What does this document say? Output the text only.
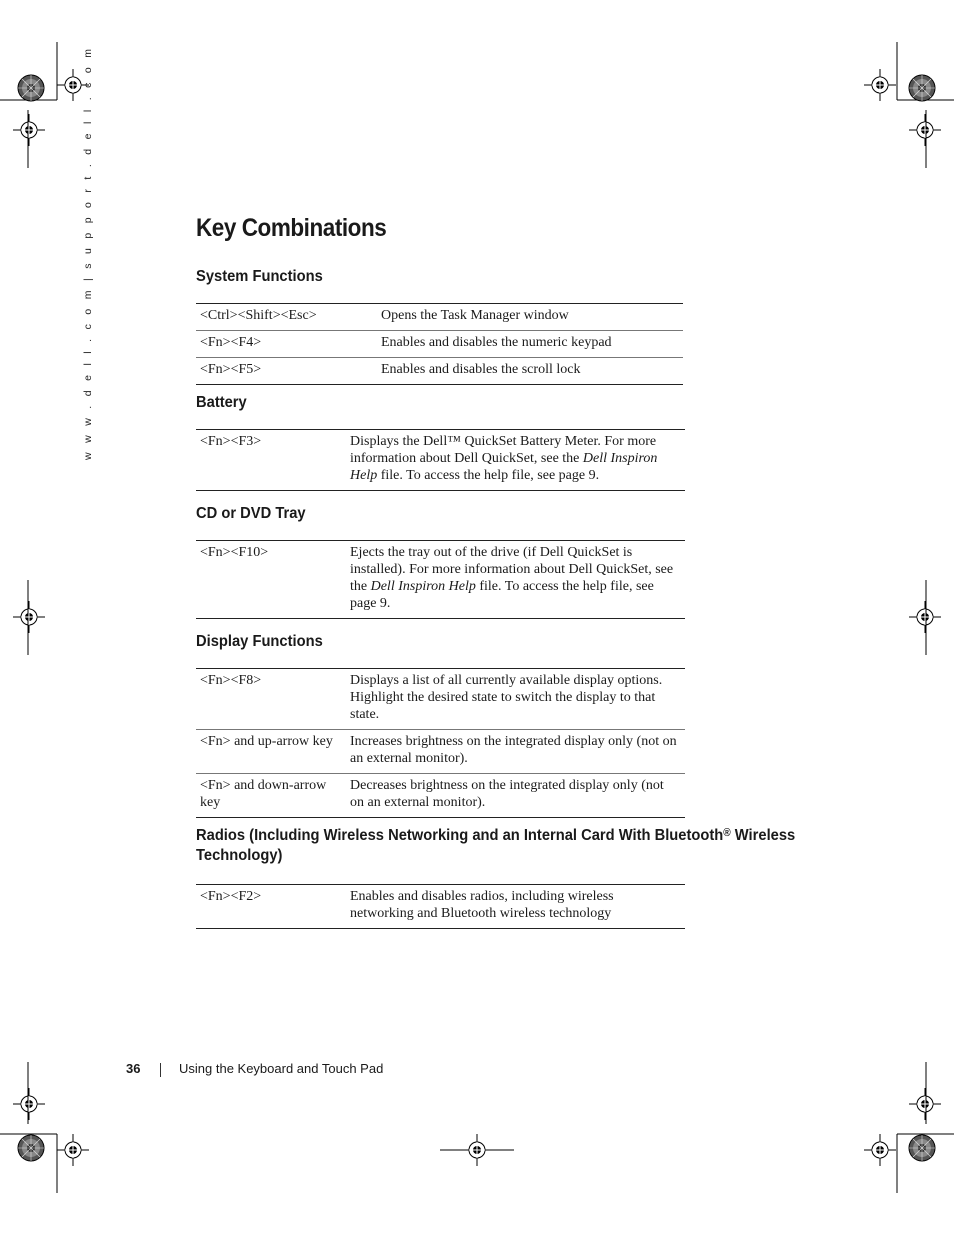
w w w . d e l l . c o m | s u p p o r t . d e l l . c o m	Key Combinations
System Functions
<Ctrl><Shift><Esc>	Opens the Task Manager window
<Fn><F4>	Enables and disables the numeric keypad
<Fn><F5>	Enables and disables the scroll lock
Battery
<Fn><F3>	Displays the Dell™ QuickSet Battery Meter. For more information about Dell QuickSet, see the Dell Inspiron Help file. To access the help file, see page 9.
CD or DVD Tray
<Fn><F10>	Ejects the tray out of the drive (if Dell QuickSet is installed). For more information about Dell QuickSet, see the Dell Inspiron Help file. To access the help file, see page 9.
Display Functions
<Fn><F8>	Displays a list of all currently available display options. Highlight the desired state to switch the display to that state.
<Fn> and up-arrow key	Increases brightness on the integrated display only (not on an external monitor).
<Fn> and down-arrow key	Decreases brightness on the integrated display only (not on an external monitor).
Radios (Including Wireless Networking and an Internal Card With Bluetooth® Wireless Technology)
<Fn><F2>	Enables and disables radios, including wireless networking and Bluetooth wireless technology
36	Using the Keyboard and Touch Pad
